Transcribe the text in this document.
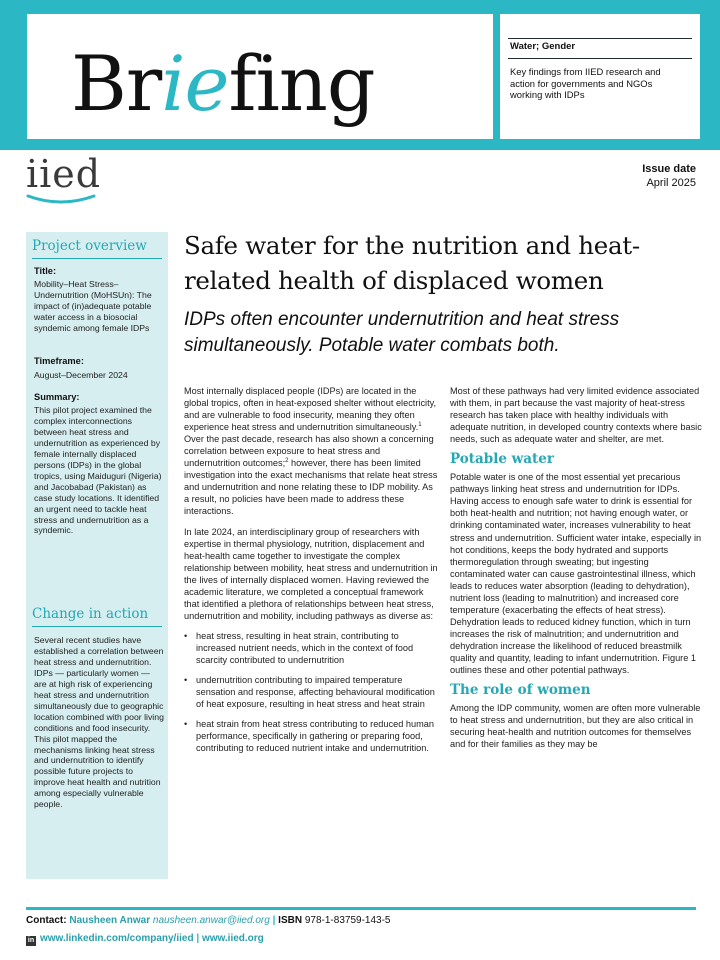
Briefing	Water; Gender
Key findings from IIED research and action for governments and NGOs working with IDPs
iied	Issue date
April 2025
Project overview
Title:
Mobility–Heat Stress–Undernutrition (MoHSUn): The impact of (in)adequate potable water access in a biosocial syndemic among female IDPs
Timeframe:
August–December 2024
Summary:
This pilot project examined the complex interconnections between heat stress and undernutrition as experienced by female internally displaced persons (IDPs) in the global tropics, using Maiduguri (Nigeria) and Jacobabad (Pakistan) as case study locations. It identified an urgent need to tackle heat stress and undernutrition as a syndemic.
Change in action
Several recent studies have established a correlation between heat stress and undernutrition. IDPs — particularly women — are at high risk of experiencing heat stress and undernutrition simultaneously due to geographic location combined with poor living conditions and food insecurity. This pilot mapped the mechanisms linking heat stress and undernutrition to identify possible future projects to improve heat health and nutrition among especially vulnerable people.
Safe water for the nutrition and heat-related health of displaced women
IDPs often encounter undernutrition and heat stress simultaneously. Potable water combats both.

Most internally displaced people (IDPs) are located in the global tropics, often in heat-exposed shelter without electricity, and are vulnerable to food insecurity, meaning they often experience heat stress and undernutrition simultaneously.$^1$ Over the past decade, research has also shown a concerning correlation between exposure to heat stress and undernutrition outcomes;$^2$ however, there has been limited investigation into the exact mechanisms that relate heat stress and undernutrition and none relating these to IDP mobility. As a result, no policies have been made to address these interactions.

In late 2024, an interdisciplinary group of researchers with expertise in thermal physiology, nutrition, displacement and heat-health came together to investigate the complex relationship between mobility, heat stress and undernutrition in the lives of internally displaced women. Having reviewed the academic literature, we completed a conceptual framework that identified a plethora of relationships between heat stress, undernutrition and mobility, including pathways as diverse as:

• heat stress, resulting in heat strain, contributing to increased nutrient needs, which in the context of food scarcity contributed to undernutrition
• undernutrition contributing to impaired temperature sensation and response, affecting behavioural modification of heat exposure, resulting in heat stress and heat strain
• heat strain from heat stress contributing to reduced human performance, specifically in gathering or preparing food, contributing to reduced nutrient intake and undernutrition.

Most of these pathways had very limited evidence associated with them, in part because the vast majority of heat-stress research has taken place with healthy individuals with adequate nutrition, in developed country contexts where basic needs, such as adequate water and shelter, are met.

Potable water

Potable water is one of the most essential yet precarious pathways linking heat stress and undernutrition for IDPs. Having access to enough safe water to drink is essential for both heat-health and nutrition; not having enough water, or drinking contaminated water, increases vulnerability to heat stress and undernutrition. Sufficient water intake, especially in hot conditions, keeps the body hydrated and supports thermoregulation through sweating; but ingesting contaminated water can cause gastrointestinal illness, which leads to reduces water absorption (leading to dehydration), nutrient loss (leading to malnutrition) and increased core temperature (exacerbating the effects of heat stress). Dehydration leads to reduced kidney function, which in turn increases the risk of malnutrition; and undernutrition and dehydration increase the likelihood of reduced breastmilk quality and quantity, leading to infant undernutrition. Figure 1 outlines these and other potential pathways.

The role of women

Among the IDP community, women are often more vulnerable to heat stress and undernutrition, but they are also critical in securing heat-health and nutrition outcomes for themselves and for their families as they may be

Contact: Nausheen Anwar nausheen.anwar@iied.org | ISBN 978-1-83759-143-5
in www.linkedin.com/company/iied | www.iied.org
